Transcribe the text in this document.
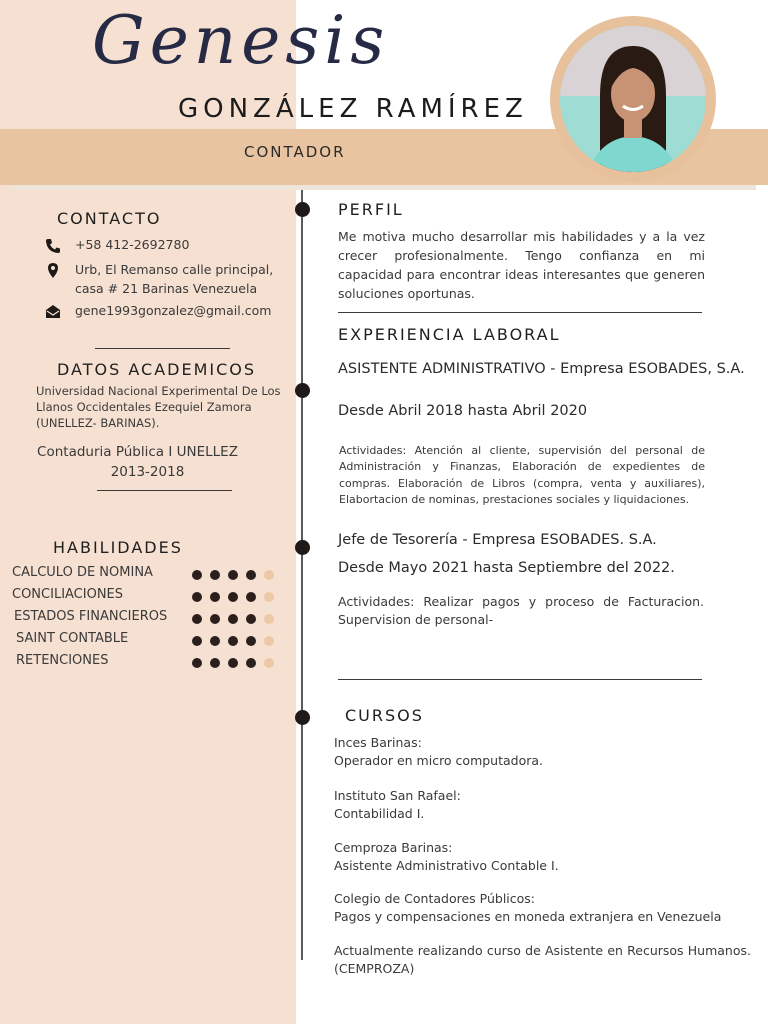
Genesis
GONZÁLEZ RAMÍREZ
CONTADOR
CONTACTO
+58 412-2692780
Urb, El Remanso calle principal,
casa # 21 Barinas Venezuela
gene1993gonzalez@gmail.com
DATOS ACADEMICOS
Universidad Nacional Experimental De Los Llanos Occidentales Ezequiel Zamora (UNELLEZ- BARINAS).
Contaduria Pública I UNELLEZ
2013-2018
HABILIDADES
CALCULO DE NOMINA
CONCILIACIONES
ESTADOS FINANCIEROS
SAINT CONTABLE
RETENCIONES
PERFIL
Me motiva mucho desarrollar mis habilidades y a la vez crecer profesionalmente. Tengo confianza en mi capacidad para encontrar ideas interesantes que generen soluciones oportunas.
EXPERIENCIA LABORAL
ASISTENTE ADMINISTRATIVO - Empresa ESOBADES, S.A.
Desde Abril 2018 hasta Abril 2020
Actividades: Atención al cliente, supervisión del personal de Administración y Finanzas, Elaboración de expedientes de compras. Elaboración de Libros (compra, venta y auxiliares), Elabortacion de nominas, prestaciones sociales y liquidaciones.
Jefe de Tesorería - Empresa ESOBADES. S.A.
Desde Mayo 2021 hasta Septiembre del 2022.
Actividades: Realizar pagos y proceso de Facturacion. Supervision de personal-
CURSOS
Inces Barinas:
Operador en micro computadora.
Instituto San Rafael:
Contabilidad I.
Cemproza Barinas:
Asistente Administrativo Contable I.
Colegio de Contadores Públicos:
Pagos y compensaciones en moneda extranjera en Venezuela
Actualmente realizando curso de Asistente en Recursos Humanos. (CEMPROZA)
